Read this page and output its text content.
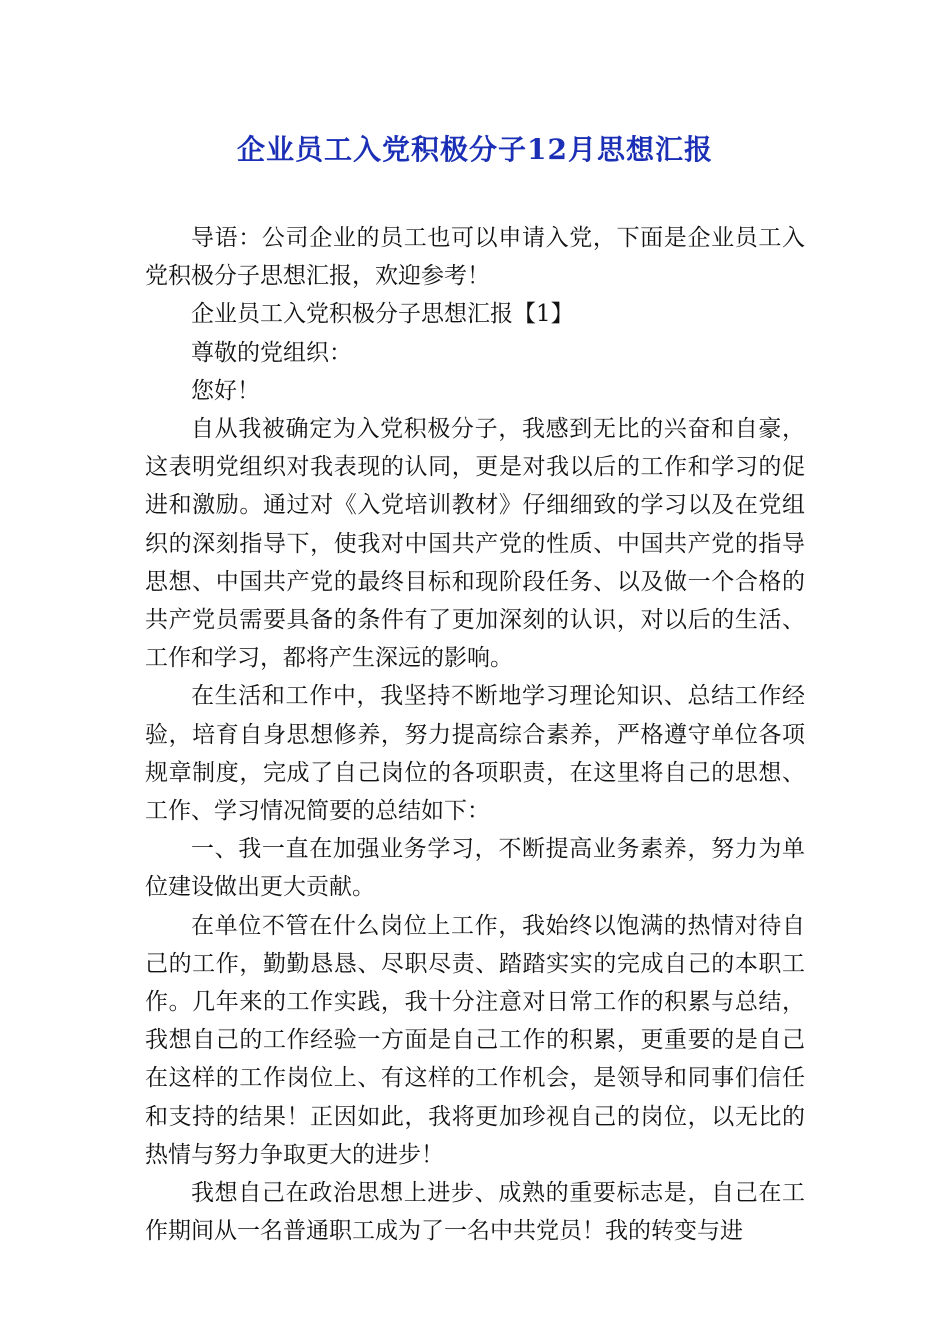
企业员工入党积极分子12月思想汇报

导语：公司企业的员工也可以申请入党，下面是企业员工入党积极分子思想汇报，欢迎参考！

企业员工入党积极分子思想汇报【1】

尊敬的党组织：

您好！

自从我被确定为入党积极分子，我感到无比的兴奋和自豪，这表明党组织对我表现的认同，更是对我以后的工作和学习的促进和激励。通过对《入党培训教材》仔细细致的学习以及在党组织的深刻指导下，使我对中国共产党的性质、中国共产党的指导思想、中国共产党的最终目标和现阶段任务、以及做一个合格的共产党员需要具备的条件有了更加深刻的认识，对以后的生活、工作和学习，都将产生深远的影响。

在生活和工作中，我坚持不断地学习理论知识、总结工作经验，培育自身思想修养，努力提高综合素养，严格遵守单位各项规章制度，完成了自己岗位的各项职责，在这里将自己的思想、工作、学习情况简要的总结如下：

一、我一直在加强业务学习，不断提高业务素养，努力为单位建设做出更大贡献。

在单位不管在什么岗位上工作，我始终以饱满的热情对待自己的工作，勤勤恳恳、尽职尽责、踏踏实实的完成自己的本职工作。几年来的工作实践，我十分注意对日常工作的积累与总结，我想自己的工作经验一方面是自己工作的积累，更重要的是自己在这样的工作岗位上、有这样的工作机会，是领导和同事们信任和支持的结果！正因如此，我将更加珍视自己的岗位，以无比的热情与努力争取更大的进步！

我想自己在政治思想上进步、成熟的重要标志是，自己在工作期间从一名普通职工成为了一名中共党员！我的转变与进
